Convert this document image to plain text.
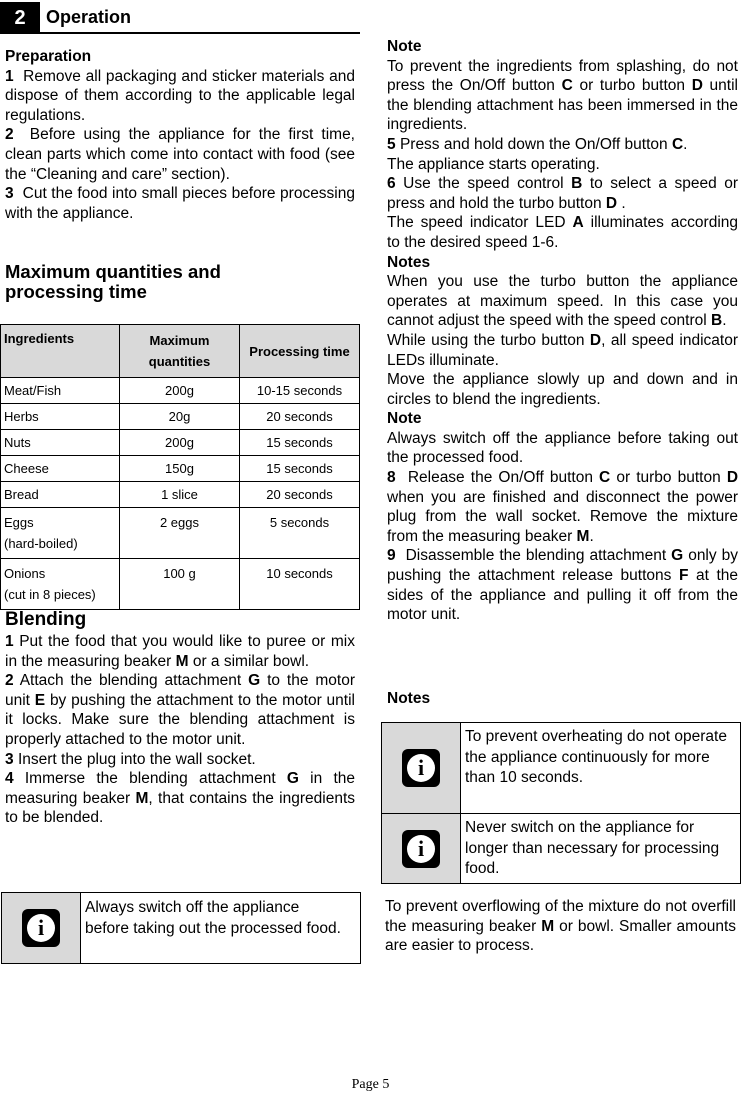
2	Operation
Preparation

1 Remove all packaging and sticker materials and dispose of them according to the applicable legal regulations.

2 Before using the appliance for the first time, clean parts which come into contact with food (see the “Cleaning and care” section).

3 Cut the food into small pieces before processing with the appliance.

Maximum quantities and processing time
Ingredients	Maximum quantities	Processing time
Meat/Fish	200g	10-15 seconds
Herbs	20g	20 seconds
Nuts	200g	15 seconds
Cheese	150g	15 seconds
Bread	1 slice	20 seconds
Eggs
(hard-boiled)	2 eggs	5 seconds
Onions
(cut in 8 pieces)	100 g	10 seconds
Blending

1 Put the food that you would like to puree or mix in the measuring beaker M or a similar bowl.

2 Attach the blending attachment G to the motor unit E by pushing the attachment to the motor until it locks. Make sure the blending attachment is properly attached to the motor unit.

3 Insert the plug into the wall socket.

4 Immerse the blending attachment G in the measuring beaker M, that contains the ingredients to be blended.

i
Always switch off the appliance before taking out the processed food.
Note

To prevent the ingredients from splashing, do not press the On/Off button C or turbo button D until the blending attachment has been immersed in the ingredients.

5 Press and hold down the On/Off button C.

The appliance starts operating.

6 Use the speed control B to select a speed or press and hold the turbo button D .

The speed indicator LED A illuminates according to the desired speed 1-6.

Notes

When you use the turbo button the appliance operates at maximum speed. In this case you cannot adjust the speed with the speed control B.

While using the turbo button D, all speed indicator LEDs illuminate.

Move the appliance slowly up and down and in circles to blend the ingredients.

Note

Always switch off the appliance before taking out the processed food.

8 Release the On/Off button C or turbo button D when you are finished and disconnect the power plug from the wall socket. Remove the mixture from the measuring beaker M.

9 Disassemble the blending attachment G only by pushing the attachment release buttons F at the sides of the appliance and pulling it off from the motor unit.

Notes
i
To prevent overheating do not operate the appliance continuously for more than 10 seconds.
i
Never switch on the appliance for longer than necessary for processing food.

To prevent overflowing of the mixture do not overfill the measuring beaker M or bowl. Smaller amounts are easier to process.

Page 5
